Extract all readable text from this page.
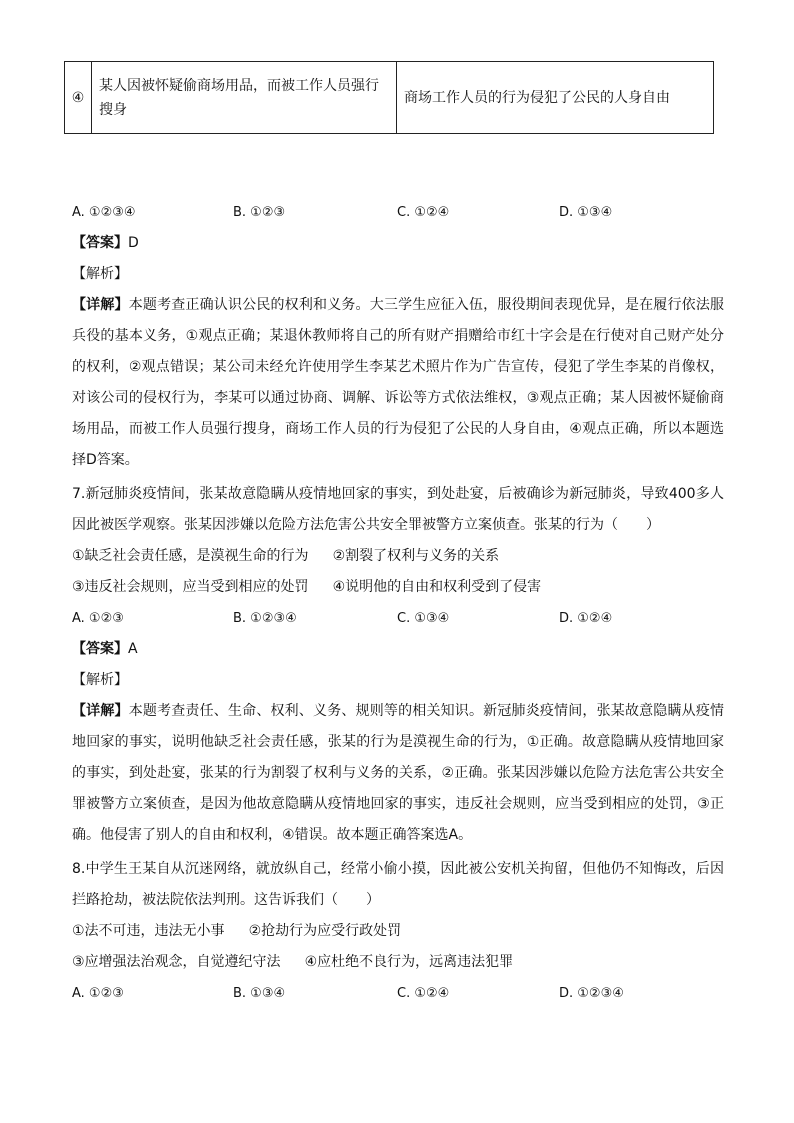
④	某人因被怀疑偷商场用品，而被工作人员强行搜身	商场工作人员的行为侵犯了公民的人身自由
A. ①②③④	B. ①②③	C. ①②④	D. ①③④
【答案】D
【解析】
【详解】本题考查正确认识公民的权利和义务。大三学生应征入伍，服役期间表现优异，是在履行依法服兵役的基本义务，①观点正确；某退休教师将自己的所有财产捐赠给市红十字会是在行使对自己财产处分的权利，②观点错误；某公司未经允许使用学生李某艺术照片作为广告宣传，侵犯了学生李某的肖像权，对该公司的侵权行为，李某可以通过协商、调解、诉讼等方式依法维权，③观点正确；某人因被怀疑偷商场用品，而被工作人员强行搜身，商场工作人员的行为侵犯了公民的人身自由，④观点正确，所以本题选择D答案。
7.新冠肺炎疫情间，张某故意隐瞒从疫情地回家的事实，到处赴宴，后被确诊为新冠肺炎，导致400多人因此被医学观察。张某因涉嫌以危险方法危害公共安全罪被警方立案侦查。张某的行为（　　）
①缺乏社会责任感，是漠视生命的行为 ②割裂了权利与义务的关系
③违反社会规则，应当受到相应的处罚 ④说明他的自由和权利受到了侵害
A. ①②③	B. ①②③④	C. ①③④	D. ①②④
【答案】A
【解析】
【详解】本题考查责任、生命、权利、义务、规则等的相关知识。新冠肺炎疫情间，张某故意隐瞒从疫情地回家的事实，说明他缺乏社会责任感，张某的行为是漠视生命的行为，①正确。故意隐瞒从疫情地回家的事实，到处赴宴，张某的行为割裂了权利与义务的关系，②正确。张某因涉嫌以危险方法危害公共安全罪被警方立案侦查，是因为他故意隐瞒从疫情地回家的事实，违反社会规则，应当受到相应的处罚，③正确。他侵害了别人的自由和权利，④错误。故本题正确答案选A。
8.中学生王某自从沉迷网络，就放纵自己，经常小偷小摸，因此被公安机关拘留，但他仍不知悔改，后因拦路抢劫，被法院依法判刑。这告诉我们（　　）
①法不可违，违法无小事 ②抢劫行为应受行政处罚
③应增强法治观念，自觉遵纪守法 ④应杜绝不良行为，远离违法犯罪
A. ①②③	B. ①③④	C. ①②④	D. ①②③④
